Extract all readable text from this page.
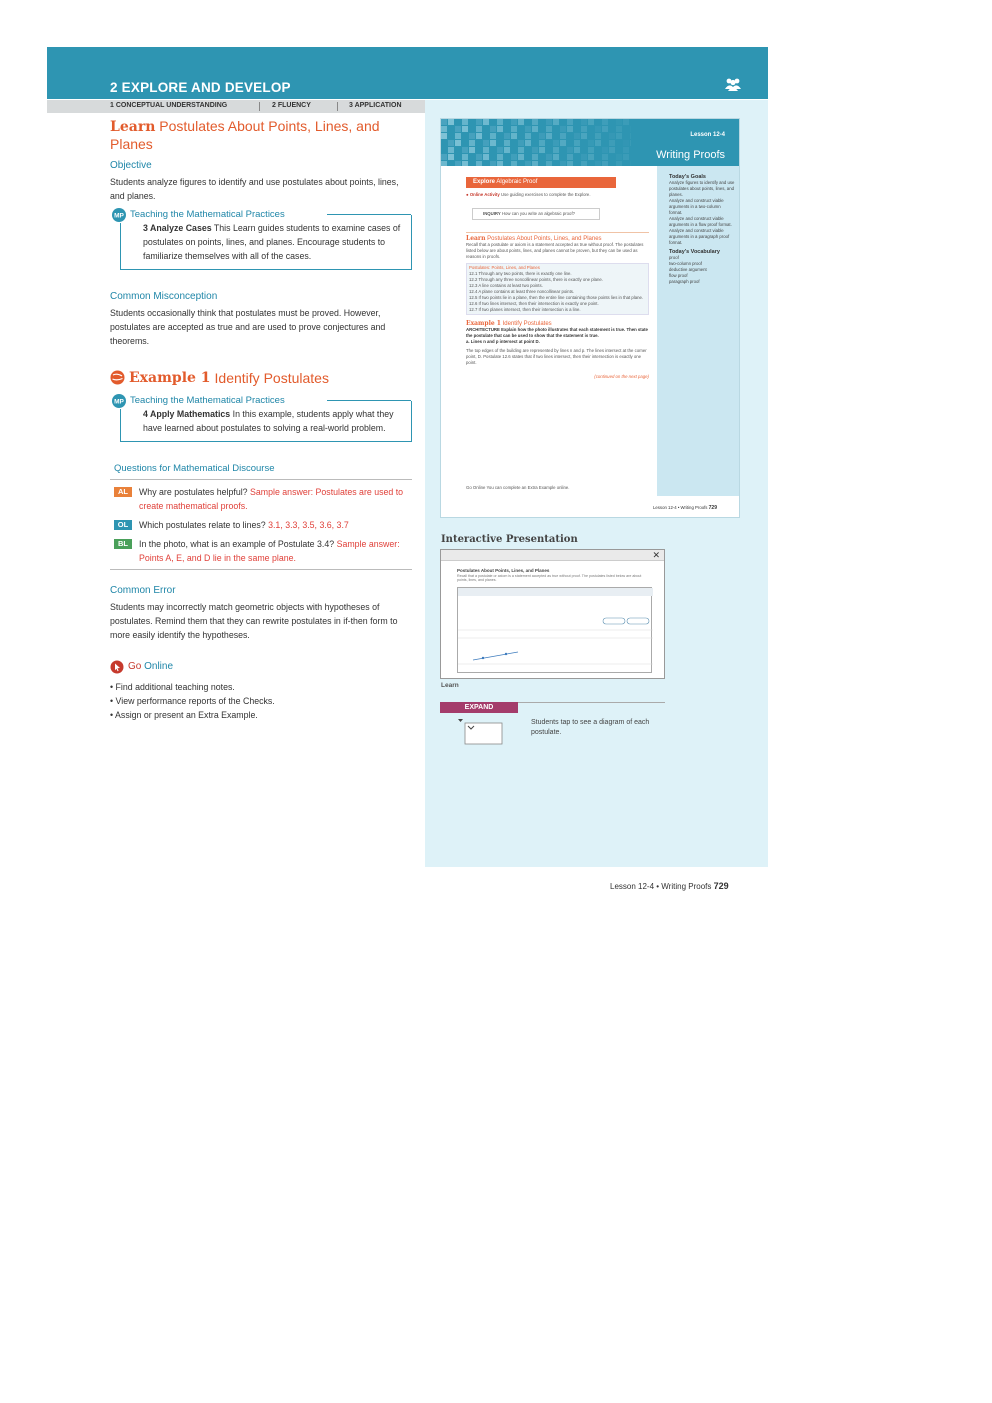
2 EXPLORE AND DEVELOP
1 CONCEPTUAL UNDERSTANDING	2 FLUENCY	3 APPLICATION
Learn Postulates About Points, Lines, and Planes
Objective

Students analyze figures to identify and use postulates about points, lines, and planes.

MP Teaching the Mathematical Practices

3 Analyze Cases This Learn guides students to examine cases of postulates on points, lines, and planes. Encourage students to familiarize themselves with all of the cases.

Common Misconception

Students occasionally think that postulates must be proved. However, postulates are accepted as true and are used to prove conjectures and theorems.

Example 1 Identify Postulates
MP Teaching the Mathematical Practices

4 Apply Mathematics In this example, students apply what they have learned about postulates to solving a real-world problem.

Questions for Mathematical Discourse
AL	Why are postulates helpful? Sample answer: Postulates are used to create mathematical proofs.
OL	Which postulates relate to lines? 3.1, 3.3, 3.5, 3.6, 3.7
BL	In the photo, what is an example of Postulate 3.4? Sample answer: Points A, E, and D lie in the same plane.
Common Error

Students may incorrectly match geometric objects with hypotheses of postulates. Remind them that they can rewrite postulates in if-then form to more easily identify the hypotheses.

Go
Online
• Find additional teaching notes.
• View performance reports of the Checks.
• Assign or present an Extra Example.
Lesson 12-4
Writing Proofs
Explore Algebraic Proof
● Online Activity Use guiding exercises to complete the Explore.
INQUIRY How can you write an algebraic proof?
Learn Postulates About Points, Lines, and Planes
Recall that a postulate or axiom is a statement accepted as true without proof. The postulates listed below are about points, lines, and planes cannot be proven, but they can be used as reasons in proofs.
Postulates: Points, Lines, and Planes
12.1 Through any two points, there is exactly one line.
12.2 Through any three noncollinear points, there is exactly one plane.
12.3 A line contains at least two points.
12.4 A plane contains at least three noncollinear points.
12.5 If two points lie in a plane, then the entire line containing those points lies in that plane.
12.6 If two lines intersect, then their intersection is exactly one point.
12.7 If two planes intersect, then their intersection is a line.
Example 1 Identify Postulates
ARCHITECTURE Explain how the photo illustrates that each statement is true. Then state the postulate that can be used to show that the statement is true.
a. Lines n and p intersect at point D.
The top edges of the building are represented by lines n and p. The lines intersect at the corner point, D. Postulate 12.6 states that if two lines intersect, then their intersection is exactly one point.
(continued on the next page)
Go Online You can complete an Extra Example online.
Today's Goals
Analyze figures to identify and use postulates about points, lines, and planes.
Analyze and construct viable arguments in a two-column format.
Analyze and construct viable arguments in a flow proof format.
Analyze and construct viable arguments in a paragraph proof format.
Today's Vocabulary
proof
two-column proof
deductive argument
flow proof
paragraph proof
Lesson 12-4 • Writing Proofs 729
Interactive Presentation
✕
Postulates About Points, Lines, and Planes
Recall that a postulate or axiom is a statement accepted as true without proof. The postulates listed below are about points, lines, and planes.
Learn
EXPAND
Students tap to see a diagram of each postulate.
Lesson 12-4 • Writing Proofs 729
